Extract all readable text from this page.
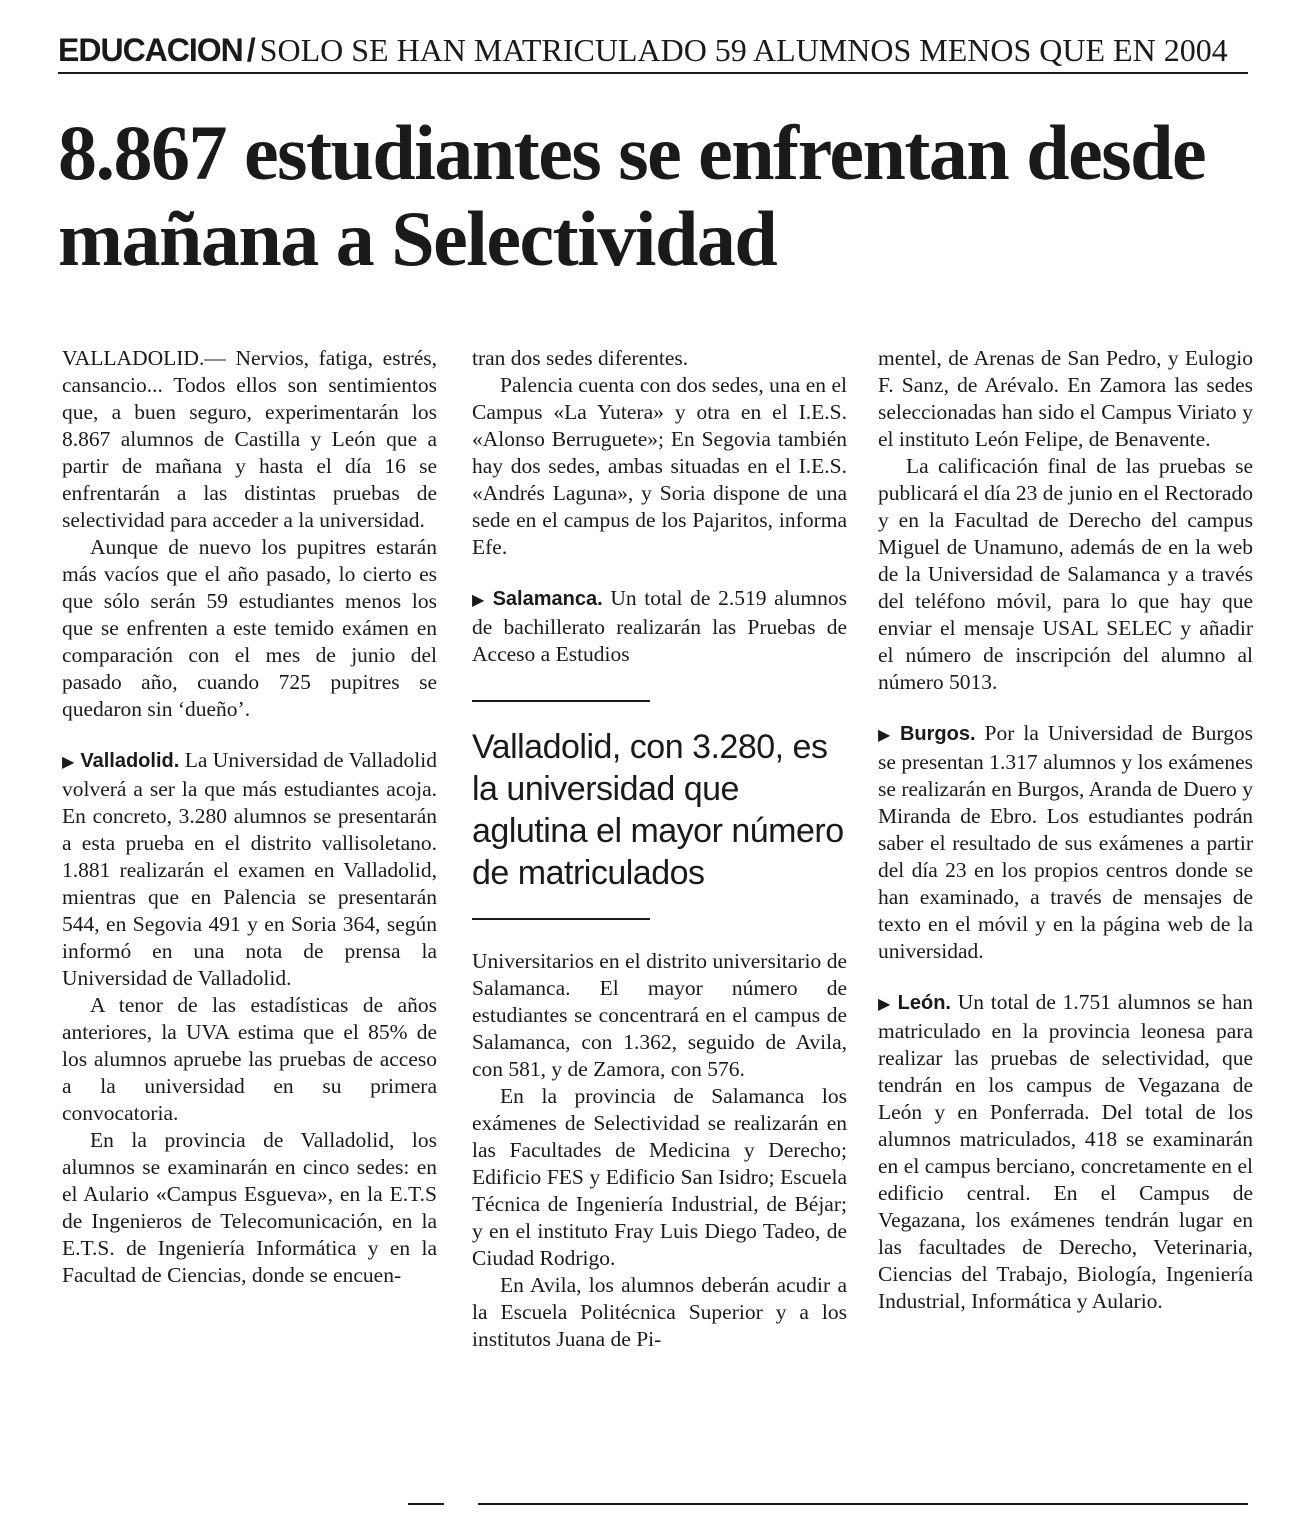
EDUCACION / SOLO SE HAN MATRICULADO 59 ALUMNOS MENOS QUE EN 2004
8.867 estudiantes se enfrentan desde mañana a Selectividad

VALLADOLID.— Nervios, fatiga, estrés, cansancio... Todos ellos son sentimientos que, a buen seguro, experimentarán los 8.867 alumnos de Castilla y León que a partir de mañana y hasta el día 16 se enfrentarán a las distintas pruebas de selectividad para acceder a la universidad.

Aunque de nuevo los pupitres estarán más vacíos que el año pasado, lo cierto es que sólo serán 59 estudiantes menos los que se enfrenten a este temido exámen en comparación con el mes de junio del pasado año, cuando 725 pupitres se quedaron sin ‘dueño’.

▶ Valladolid. La Universidad de Valladolid volverá a ser la que más estudiantes acoja. En concreto, 3.280 alumnos se presentarán a esta prueba en el distrito vallisoletano. 1.881 realizarán el examen en Valladolid, mientras que en Palencia se presentarán 544, en Segovia 491 y en Soria 364, según informó en una nota de prensa la Universidad de Valladolid.

A tenor de las estadísticas de años anteriores, la UVA estima que el 85% de los alumnos apruebe las pruebas de acceso a la universidad en su primera convocatoria.

En la provincia de Valladolid, los alumnos se examinarán en cinco sedes: en el Aulario «Campus Esgueva», en la E.T.S de Ingenieros de Telecomunicación, en la E.T.S. de Ingeniería Informática y en la Facultad de Ciencias, donde se encuen-

tran dos sedes diferentes.

Palencia cuenta con dos sedes, una en el Campus «La Yutera» y otra en el I.E.S. «Alonso Berruguete»; En Segovia también hay dos sedes, ambas situadas en el I.E.S. «Andrés Laguna», y Soria dispone de una sede en el campus de los Pajaritos, informa Efe.

▶ Salamanca. Un total de 2.519 alumnos de bachillerato realizarán las Pruebas de Acceso a Estudios

Valladolid, con 3.280, es la universidad que aglutina el mayor número de matriculados

Universitarios en el distrito universitario de Salamanca. El mayor número de estudiantes se concentrará en el campus de Salamanca, con 1.362, seguido de Avila, con 581, y de Zamora, con 576.

En la provincia de Salamanca los exámenes de Selectividad se realizarán en las Facultades de Medicina y Derecho; Edificio FES y Edificio San Isidro; Escuela Técnica de Ingeniería Industrial, de Béjar; y en el instituto Fray Luis Diego Tadeo, de Ciudad Rodrigo.

En Avila, los alumnos deberán acudir a la Escuela Politécnica Superior y a los institutos Juana de Pi-

mentel, de Arenas de San Pedro, y Eulogio F. Sanz, de Arévalo. En Zamora las sedes seleccionadas han sido el Campus Viriato y el instituto León Felipe, de Benavente.

La calificación final de las pruebas se publicará el día 23 de junio en el Rectorado y en la Facultad de Derecho del campus Miguel de Unamuno, además de en la web de la Universidad de Salamanca y a través del teléfono móvil, para lo que hay que enviar el mensaje USAL SELEC y añadir el número de inscripción del alumno al número 5013.

▶ Burgos. Por la Universidad de Burgos se presentan 1.317 alumnos y los exámenes se realizarán en Burgos, Aranda de Duero y Miranda de Ebro. Los estudiantes podrán saber el resultado de sus exámenes a partir del día 23 en los propios centros donde se han examinado, a través de mensajes de texto en el móvil y en la página web de la universidad.

▶ León. Un total de 1.751 alumnos se han matriculado en la provincia leonesa para realizar las pruebas de selectividad, que tendrán en los campus de Vegazana de León y en Ponferrada. Del total de los alumnos matriculados, 418 se examinarán en el campus berciano, concretamente en el edificio central. En el Campus de Vegazana, los exámenes tendrán lugar en las facultades de Derecho, Veterinaria, Ciencias del Trabajo, Biología, Ingeniería Industrial, Informática y Aulario.
